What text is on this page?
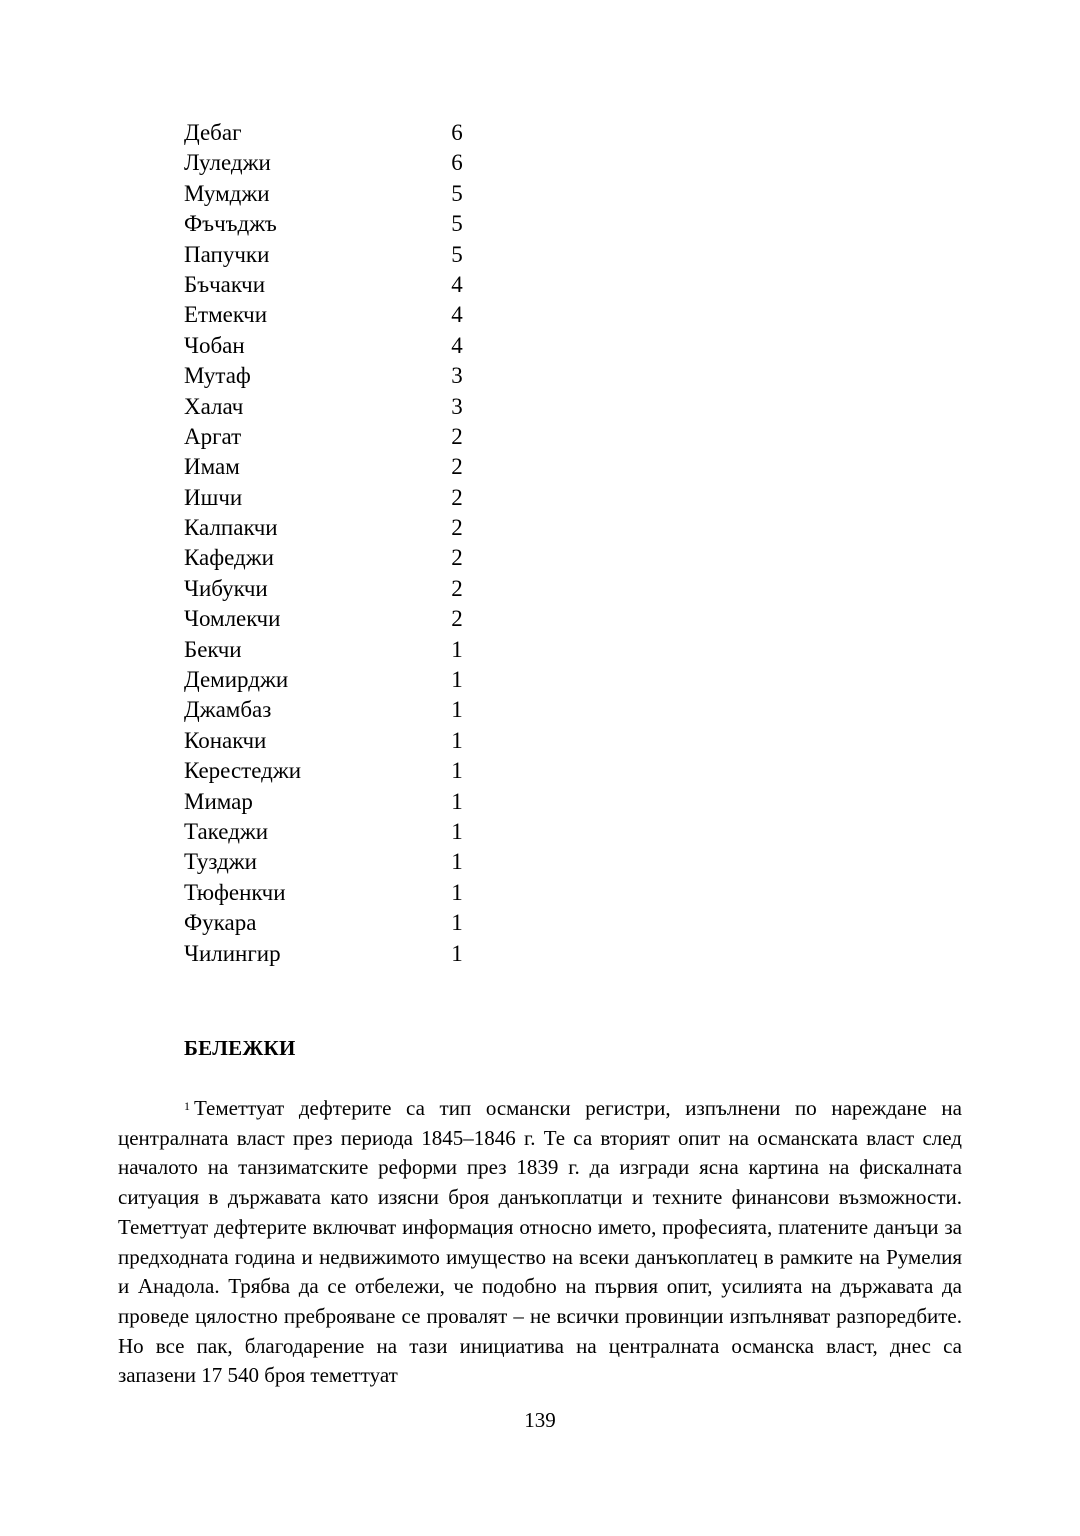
Дебаг	6
Луледжи	6
Мумджи	5
Фъчъджъ	5
Папучки	5
Бъчакчи	4
Етмекчи	4
Чобан	4
Мутаф	3
Халач	3
Аргат	2
Имам	2
Ишчи	2
Калпакчи	2
Кафеджи	2
Чибукчи	2
Чомлекчи	2
Бекчи	1
Демирджи	1
Джамбаз	1
Конакчи	1
Керестеджи	1
Мимар	1
Такеджи	1
Тузджи	1
Тюфенкчи	1
Фукара	1
Чилингир	1
БЕЛЕЖКИ

$^1$ Теметтуат дефтерите са тип османски регистри, изпълнени по нареждане на централната власт през периода 1845–1846 г. Те са вторият опит на османската власт след началото на танзиматските реформи през 1839 г. да изгради ясна картина на фискалната ситуация в държавата като изясни броя данъкоплатци и техните финансови възможности. Теметтуат дефтерите включват информация относно името, професията, платените данъци за предходната година и недвижимото имущество на всеки данъкоплатец в рамките на Румелия и Анадола. Трябва да се отбележи, че подобно на първия опит, усилията на държавата да проведе цялостно преброяване се провалят – не всички провинции изпълняват разпоредбите. Но все пак, благодарение на тази инициатива на централната османска власт, днес са запазени 17 540 броя теметтуат

139
